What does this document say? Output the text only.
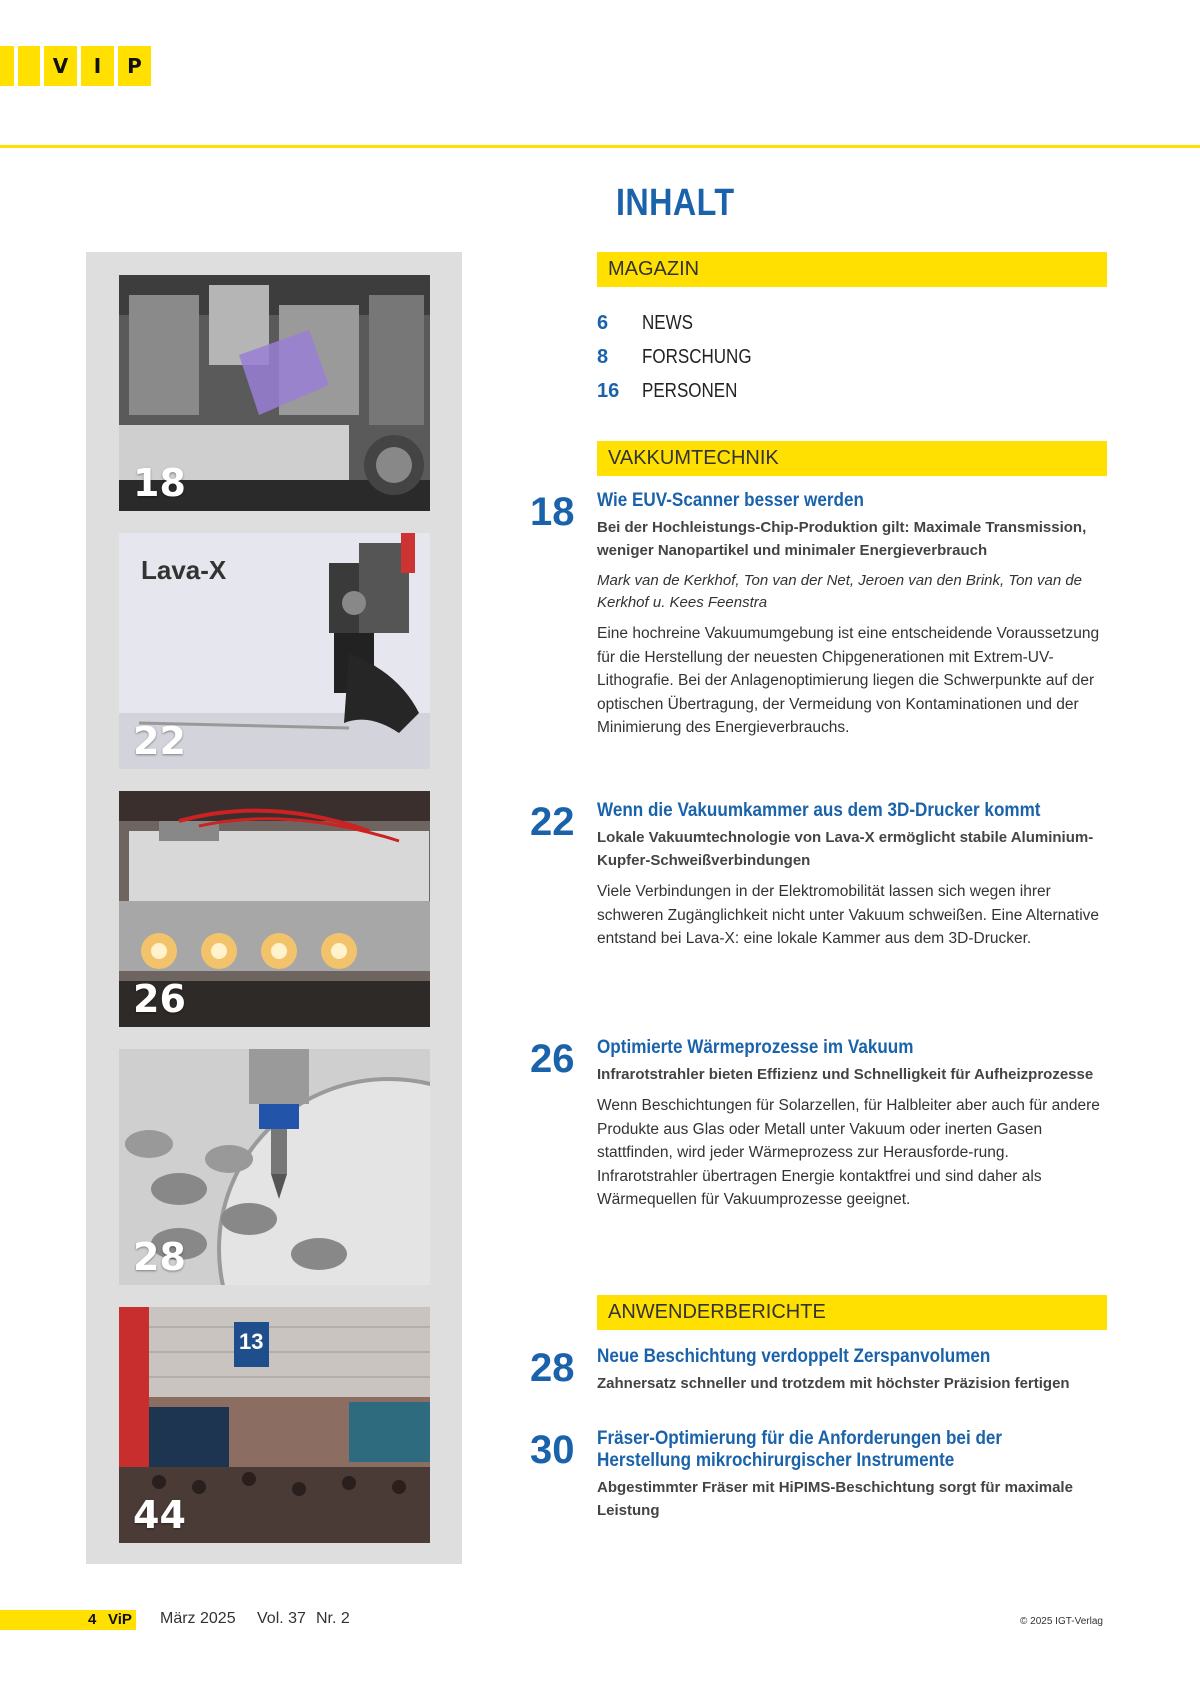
V	I	P
18
Lava-X
22
26
28
13
44
INHALT
MAGAZIN
6	NEWS
8	FORSCHUNG
16	PERSONEN
VAKKUMTECHNIK
18	Wie EUV-Scanner besser werden
Bei der Hochleistungs-Chip-Produktion gilt: Maximale Transmission, weniger Nanopartikel und minimaler Energieverbrauch
Mark van de Kerkhof, Ton van der Net, Jeroen van den Brink, Ton van de Kerkhof u. Kees Feenstra
Eine hochreine Vakuumumgebung ist eine entscheidende Voraussetzung für die Herstellung der neuesten Chipgenerationen mit Extrem-UV-Lithografie. Bei der Anlagenoptimierung liegen die Schwerpunkte auf der optischen Übertragung, der Vermeidung von Kontaminationen und der Minimierung des Energieverbrauchs.
22	Wenn die Vakuumkammer aus dem 3D-Drucker kommt
Lokale Vakuumtechnologie von Lava-X ermöglicht stabile Aluminium-Kupfer-Schweißverbindungen
Viele Verbindungen in der Elektromobilität lassen sich wegen ihrer schweren Zugänglichkeit nicht unter Vakuum schweißen. Eine Alternative entstand bei Lava-X: eine lokale Kammer aus dem 3D-Drucker.
26	Optimierte Wärmeprozesse im Vakuum
Infrarotstrahler bieten Effizienz und Schnelligkeit für Aufheizprozesse
Wenn Beschichtungen für Solarzellen, für Halbleiter aber auch für andere Produkte aus Glas oder Metall unter Vakuum oder inerten Gasen stattfinden, wird jeder Wärmeprozess zur Herausforde-rung. Infrarotstrahler übertragen Energie kontaktfrei und sind daher als Wärmequellen für Vakuumprozesse geeignet.
ANWENDERBERICHTE
28	Neue Beschichtung verdoppelt Zerspanvolumen
Zahnersatz schneller und trotzdem mit höchster Präzision fertigen
30	Fräser-Optimierung für die Anforderungen bei der
Herstellung mikrochirurgischer Instrumente
Abgestimmter Fräser mit HiPIMS-Beschichtung sorgt für maximale Leistung
4 ViP März 2025 Vol. 37 Nr. 2	© 2025 IGT-Verlag
